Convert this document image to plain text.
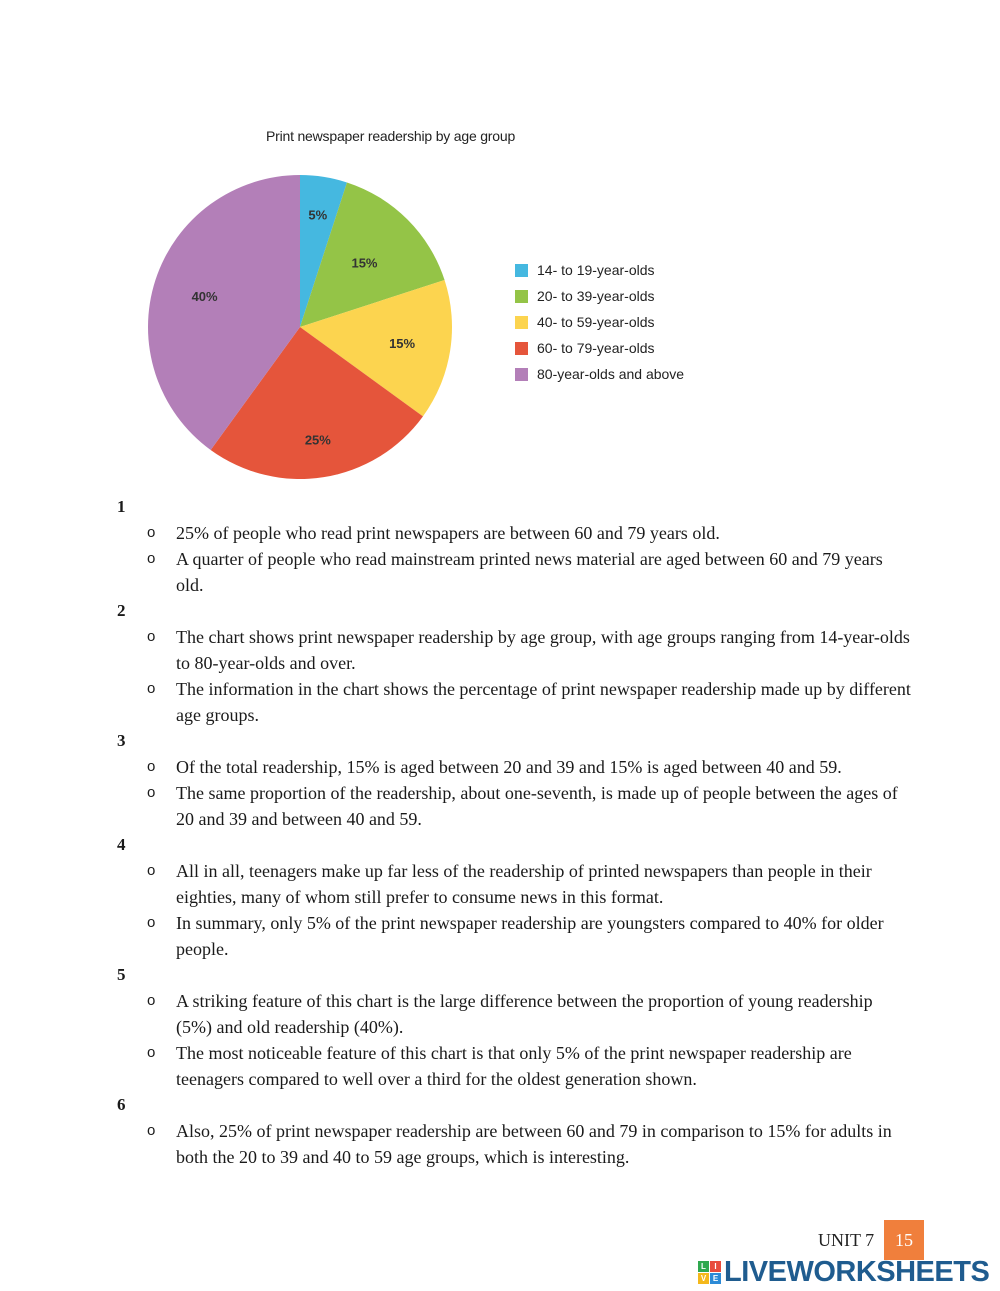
Print newspaper readership by age group
5%
15%
15%
25%
40%
14- to 19-year-olds
20- to 39-year-olds
40- to 59-year-olds
60- to 79-year-olds
80-year-olds and above
1
o 25% of people who read print newspapers are between 60 and 79 years old.
o A quarter of people who read mainstream printed news material are aged between 60 and 79 years old.
2
o The chart shows print newspaper readership by age group, with age groups ranging from 14-year-olds to 80-year-olds and over.
o The information in the chart shows the percentage of print newspaper readership made up by different age groups.
3
o Of the total readership, 15% is aged between 20 and 39 and 15% is aged between 40 and 59.
o The same proportion of the readership, about one-seventh, is made up of people between the ages of 20 and 39 and between 40 and 59.
4
o All in all, teenagers make up far less of the readership of printed newspapers than people in their eighties, many of whom still prefer to consume news in this format.
o In summary, only 5% of the print newspaper readership are youngsters compared to 40% for older people.
5
o A striking feature of this chart is the large difference between the proportion of young readership (5%) and old readership (40%).
o The most noticeable feature of this chart is that only 5% of the print newspaper readership are teenagers compared to well over a third for the oldest generation shown.
6
o Also, 25% of print newspaper readership are between 60 and 79 in comparison to 15% for adults in both the 20 to 39 and 40 to 59 age groups, which is interesting.
UNIT 7	15
L	I
V E LIVEWORKSHEETS
